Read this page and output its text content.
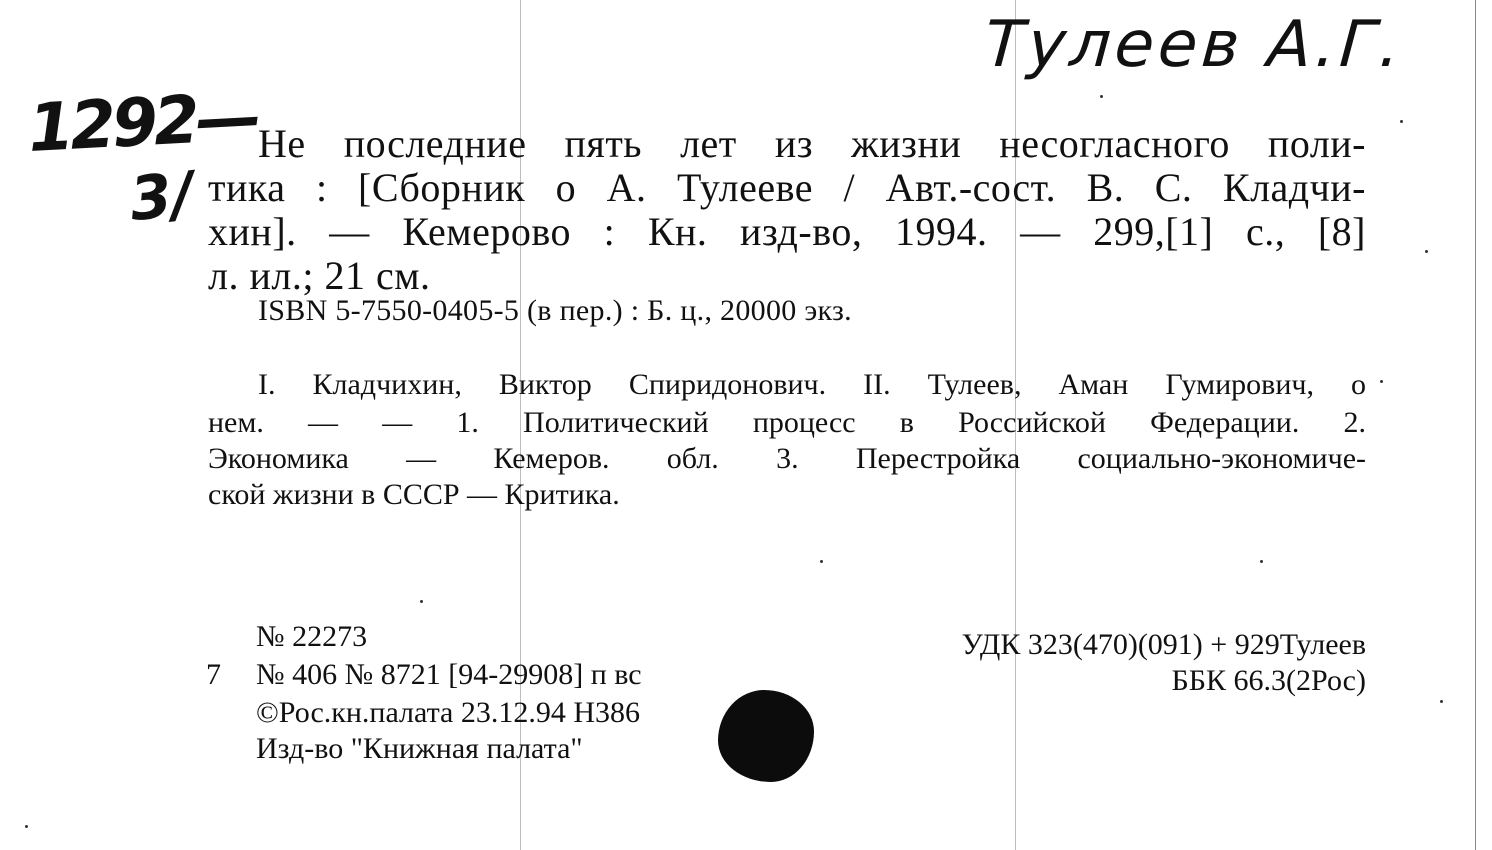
Тулеев А.Г.
1292—
3/
Не последние пять лет из жизни несогласного поли-
тика : [Сборник о А. Тулееве / Авт.-сост. В. С. Кладчи-
хин]. — Кемерово : Кн. изд-во, 1994. — 299,[1] с., [8]
л. ил.; 21 см.
ISBN 5-7550-0405-5 (в пер.) : Б. ц., 20000 экз.
I. Кладчихин, Виктор Спиридонович. II. Тулеев, Аман Гумирович, о
нем. — — 1. Политический процесс в Российской Федерации. 2.
Экономика — Кемеров. обл. 3. Перестройка социально-экономиче-
ской жизни в СССР — Критика.
№ 22273
7 № 406 № 8721 [94-29908] п вс
©Рос.кн.палата 23.12.94 Н386
Изд-во "Книжная палата"
УДК 323(470)(091) + 929Тулеев
ББК 66.3(2Рос)
